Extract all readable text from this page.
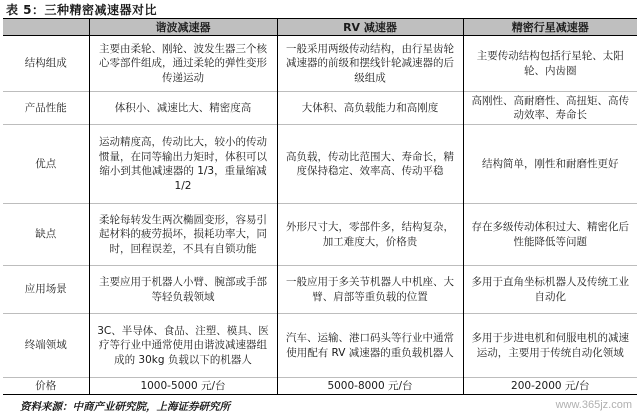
表 5：三种精密减速器对比
	谐波减速器	RV 减速器	精密行星减速器
结构组成	主要由柔轮、刚轮、波发生器三个核心零部件组成，通过柔轮的弹性变形传递运动	一般采用两级传动结构，由行星齿轮减速器的前级和摆线针轮减速器的后级组成	主要传动结构包括行星轮、太阳轮、内齿圈
产品性能	体积小、减速比大、精密度高	大体积、高负载能力和高刚度	高刚性、高耐磨性、高扭矩、高传动效率、寿命长
优点	运动精度高，传动比大，较小的传动惯量，在同等输出力矩时，体积可以缩小到其他减速器的 1/3，重量缩减 1/2	高负载，传动比范围大、寿命长，精度保持稳定、效率高、传动平稳	结构简单，刚性和耐磨性更好
缺点	柔轮每转发生两次椭圆变形，容易引起材料的疲劳损坏，损耗功率大，同时，回程误差，不具有自锁功能	外形尺寸大，零部件多，结构复杂，加工难度大，价格贵	存在多级传动体积过大、精密化后性能降低等问题
应用场景	主要应用于机器人小臂、腕部或手部等轻负载领域	一般应用于多关节机器人中机座、大臂、肩部等重负载的位置	多用于直角坐标机器人及传统工业自动化
终端领域	3C、半导体、食品、注塑、模具、医疗等行业中通常使用由谐波减速器组成的 30kg 负载以下的机器人	汽车、运输、港口码头等行业中通常使用配有 RV 减速器的重负载机器人	多用于步进电机和伺服电机的减速运动，主要用于传统自动化领域
价格	1000-5000 元/台	5000-8000 元/台	200-2000 元/台
资料来源：中商产业研究院，上海证券研究所	www.365jz.com
